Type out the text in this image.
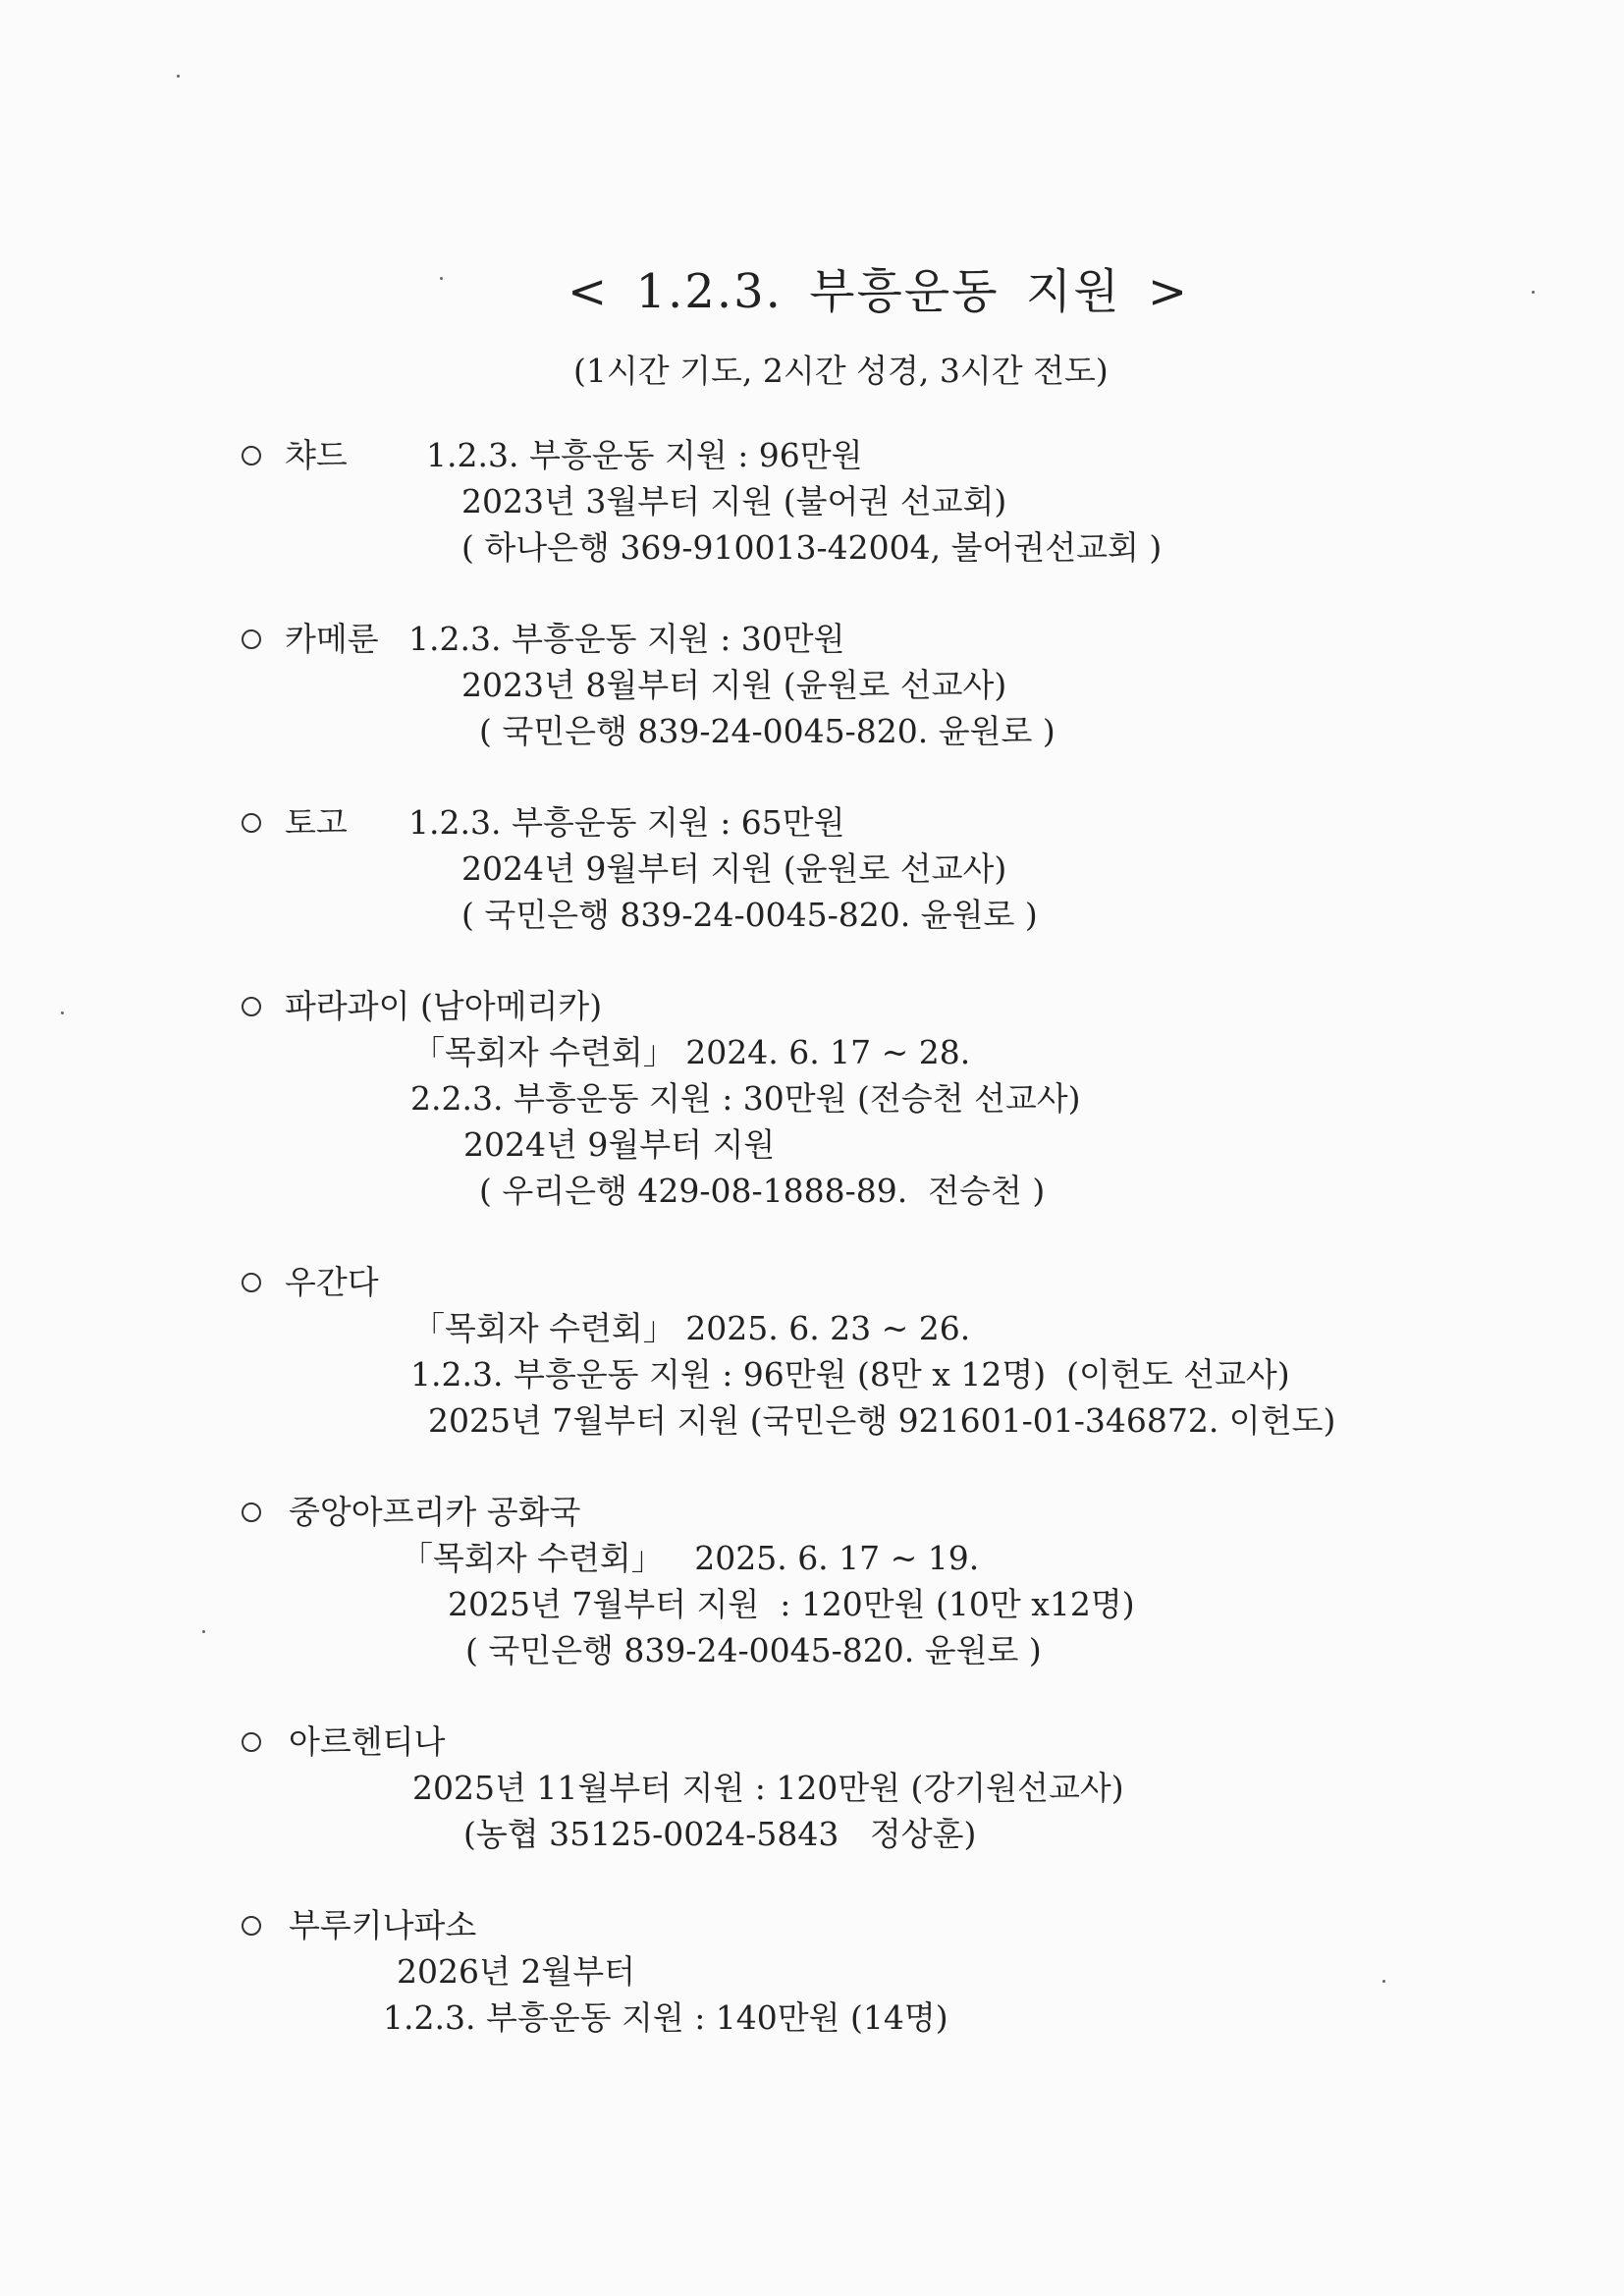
< 1.2.3. 부흥운동 지원 >
(1시간 기도, 2시간 성경, 3시간 전도)
챠드 1.2.3. 부흥운동 지원 : 96만원
2023년 3월부터 지원 (불어권 선교회)
( 하나은행 369-910013-42004, 불어권선교회 )
카메룬 1.2.3. 부흥운동 지원 : 30만원
2023년 8월부터 지원 (윤원로 선교사)
( 국민은행 839-24-0045-820. 윤원로 )
토고 1.2.3. 부흥운동 지원 : 65만원
2024년 9월부터 지원 (윤원로 선교사)
( 국민은행 839-24-0045-820. 윤원로 )
파라과이 (남아메리카)
「목회자 수련회」 2024. 6. 17 ~ 28.
2.2.3. 부흥운동 지원 : 30만원 (전승천 선교사)
2024년 9월부터 지원
( 우리은행 429-08-1888-89.  전승천 )
우간다
「목회자 수련회」 2025. 6. 23 ~ 26.
1.2.3. 부흥운동 지원 : 96만원 (8만 x 12명)  (이헌도 선교사)
2025년 7월부터 지원 (국민은행 921601-01-346872. 이헌도)
중앙아프리카 공화국
「목회자 수련회」   2025. 6. 17 ~ 19.
2025년 7월부터 지원  : 120만원 (10만 x12명)
( 국민은행 839-24-0045-820. 윤원로 )
아르헨티나
2025년 11월부터 지원 : 120만원 (강기원선교사)
(농협 35125-0024-5843   정상훈)
부루키나파소
2026년 2월부터
1.2.3. 부흥운동 지원 : 140만원 (14명)
